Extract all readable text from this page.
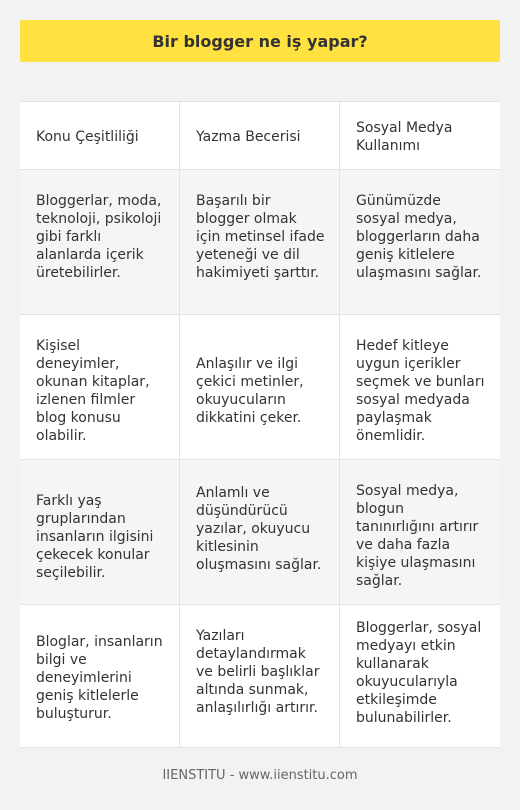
Bir blogger ne iş yapar?
Konu Çeşitliliği	Yazma Becerisi
Sosyal Medya Kullanımı
Bloggerlar, moda, teknoloji, psikoloji gibi farklı alanlarda içerik üretebilirler.
Başarılı bir blogger olmak için metinsel ifade yeteneği ve dil hakimiyeti şarttır.
Günümüzde sosyal medya, bloggerların daha geniş kitlelere ulaşmasını sağlar.
Kişisel deneyimler, okunan kitaplar, izlenen filmler blog konusu olabilir.
Anlaşılır ve ilgi çekici metinler, okuyucuların dikkatini çeker.
Hedef kitleye uygun içerikler seçmek ve bunları sosyal medyada paylaşmak önemlidir.
Farklı yaş gruplarından insanların ilgisini çekecek konular seçilebilir.
Anlamlı ve düşündürücü yazılar, okuyucu kitlesinin oluşmasını sağlar.
Sosyal medya, blogun tanınırlığını artırır ve daha fazla kişiye ulaşmasını sağlar.
Bloglar, insanların bilgi ve deneyimlerini geniş kitlelerle buluşturur.
Yazıları detaylandırmak ve belirli başlıklar altında sunmak, anlaşılırlığı artırır.
Bloggerlar, sosyal medyayı etkin kullanarak okuyucularıyla etkileşimde bulunabilirler.
IIENSTITU - www.iienstitu.com
